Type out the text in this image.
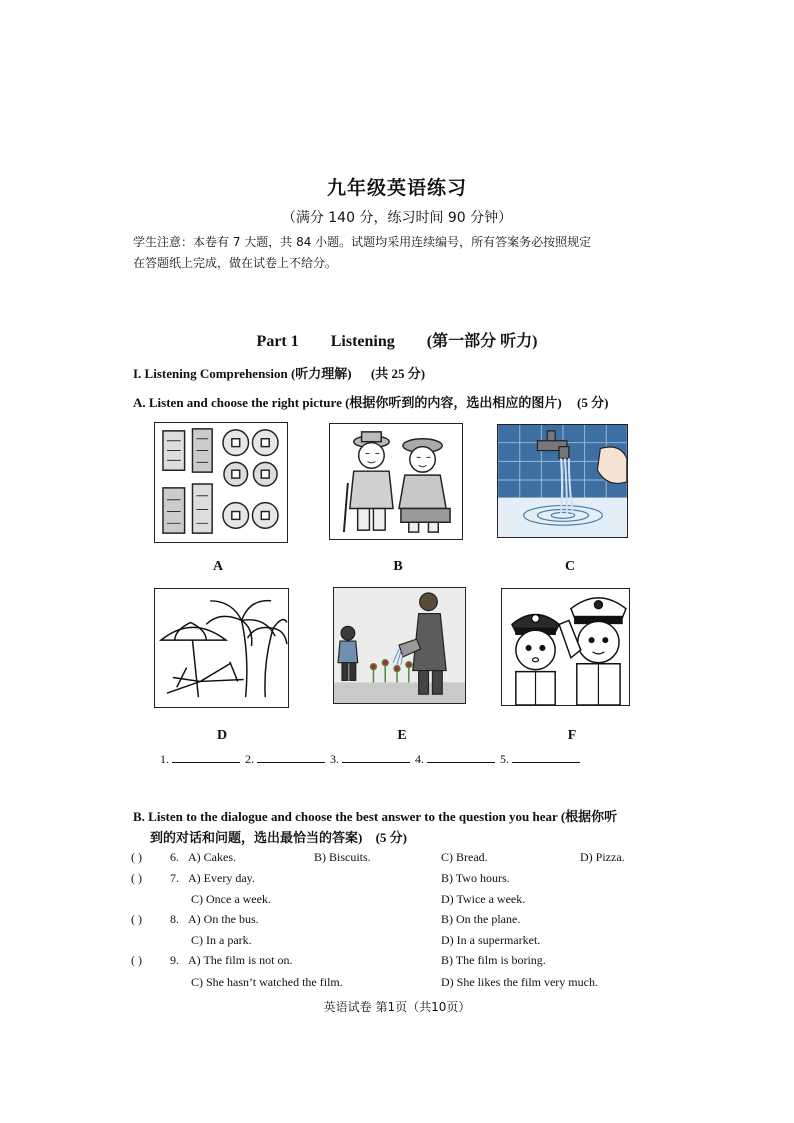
九年级英语练习
（满分 140 分，练习时间 90 分钟）
学生注意：本卷有 7 大题，共 84 小题。试题均采用连续编号，所有答案务必按照规定
在答题纸上完成，做在试卷上不给分。
Part 1 Listening (第一部分 听力)
I. Listening Comprehension (听力理解) (共 25 分)
A. Listen and choose the right picture (根据你听到的内容，选出相应的图片) (5 分)
A	B	C
D	E	F
1.	2.	3.	4.	5.
B. Listen to the dialogue and choose the best answer to the question you hear (根据你听
到的对话和问题，选出最恰当的答案) (5 分)
( ) 6. A) Cakes.	B) Biscuits.	C) Bread.	D) Pizza.
( ) 7. A) Every day.	B) Two hours.
C) Once a week.	D) Twice a week.
( ) 8. A) On the bus.	B) On the plane.
C) In a park.	D) In a supermarket.
( ) 9. A) The film is not on.	B) The film is boring.
C) She hasn’t watched the film.	D) She likes the film very much.
英语试卷 第1页（共10页）
